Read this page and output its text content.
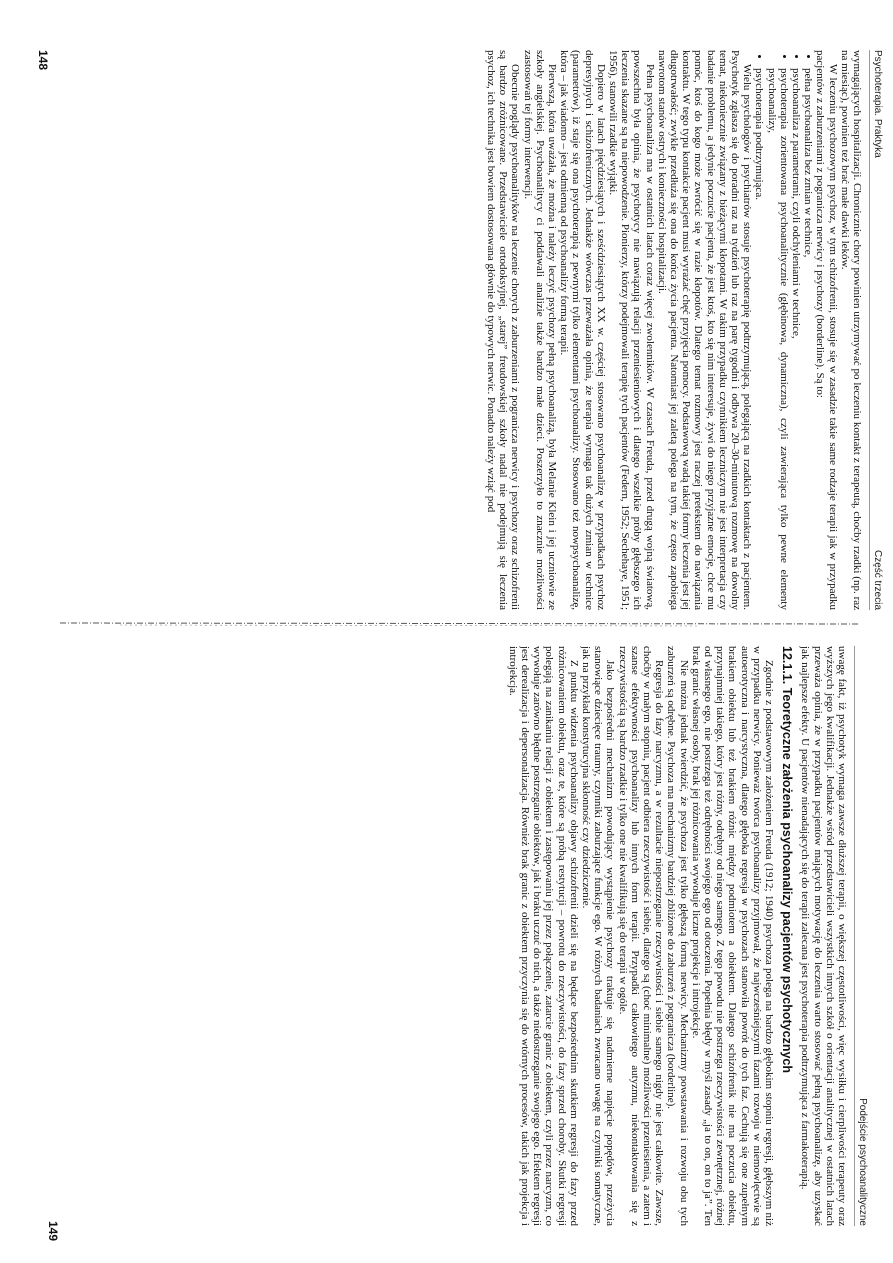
Psychoterapia. Praktyka
Część trzecia

wymagających hospitalizacji. Chronicznie chory powinien utrzymywać po leczeniu kontakt z terapeutą, choćby rzadki (np. raz na miesiąc), powinien też brać małe dawki leków.

W leczeniu psychozowym psychoz, w tym schizofrenii, stosuje się w zasadzie takie same rodzaje terapii jak w przypadku pacjentów z zaburzeniami z pogranicza nerwicy i psychozy (borderline). Są to:

• pełna psychoanaliza bez zmian w technice,
• psychoanaliza z parametrami, czyli odchyleniami w technice,
• psychoterapia zorientowana psychoanalitycznie (głębinowa, dynamiczna), czyli zawierająca tylko pewne elementy psychoanalizy,
• psychoterapia podtrzymująca.

Wielu psychologów i psychiatrów stosuje psychoterapię podtrzymującą, polegającą na rzadkich kontaktach z pacjentem. Psychotyk zgłasza się do poradni raz na tydzień lub raz na parę tygodni i odbywa 20–30-minutową rozmowę na dowolny temat, niekoniecznie związany z bieżącymi kłopotami. W takim przypadku czynnikiem leczniczym nie jest interpretacja czy badanie problemu, a jedynie poczucie pacjenta, że jest ktoś, kto się nim interesuje, żywi do niego przyjazne emocje, chce mu pomóc, ktoś do kogo może zwrócić się w razie kłopotów. Dlatego temat rozmowy jest raczej pretekstem do nawiązania kontaktu. W tego typu kontakcie pacjent musi wyrażać chęć przyjęcia pomocy. Podstawową wadą takiej formy leczenia jest jej długotrwałość; zwykle przedłuża się ona do końca życia pacjenta. Natomiast jej zaletą polega na tym, że często zapobiega nawrotom stanów ostrych i konieczności hospitalizacji.

Pełna psychoanaliza ma w ostatnich latach coraz więcej zwolenników. W czasach Freuda, przed drugą wojną światową, powszechna była opinia, że psychotycy nie nawiązują relacji przeniesieniowych i dlatego wszelkie próby głębszego ich leczenia skazane są na niepowodzenie. Pionierzy, którzy podejmowali terapię tych pacjentów (Federn, 1952; Sechehaye, 1951; 1956), stanowili rzadkie wyjątki.

Dopiero w latach pięćdziesiątych i sześćdziesiątych XX w. częściej stosowano psychoanalizę w przypadkach psychoz depresyjnych i schizofrenicznych. Jednakże wówczas przeważała opinia, że terapia wymaga tak dużych zmian w technice (parametrów), iż staje się ona psychoterapią z pewnymi tylko elementami psychoanalizy. Stosowano też nowpsychoanalizę, która – jak wiadomo – jest odmienną od psychoanalizy formą terapii.

Pierwszą, która uważała, że można i należy leczyć psychozy pełną psychoanalizą, była Melanie Klein i jej uczniowie ze szkoły angielskiej. Psychoanalitycy ci poddawali analizie także bardzo małe dzieci. Poszerzyło to znacznie możliwości zastosowań tej formy interwencji.

Obecnie poglądy psychoanalityków na leczenie chorych z zaburzeniami z pogranicza nerwicy i psychozy oraz schizofrenii są bardzo zróżnicowane. Przedstawiciele ortodoksyjnej, „starej” freudowskiej szkoły nadal nie podejmują się leczenia psychoz, ich technika jest bowiem dostosowana głównie do typowych nerwic. Ponadto należy wziąć pod

148
Podejście psychoanalityczne

uwagę fakt, iż psychotyk wymaga zawsze dłuższej terapii, o większej częstotliwości, więc wysiłku i cierpliwości terapeuty oraz wyższych jego kwalifikacji. Jednakże wśród przedstawicieli wszystkich innych szkół o orientacji analitycznej w ostatnich latach przeważa opinia, że w przypadku pacjentów mających motywację do leczenia warto stosować pełną psychoanalizę, aby uzyskać jak najlepsze efekty. U pacjentów nienadających się do terapii zalecana jest psychoterapia podtrzymująca z farmakoterapią.

12.1.1. Teoretyczne założenia psychoanalizy pacjentów psychotycznych

Zgodnie z podstawowym założeniem Freuda (1912; 1940) psychoza polega na bardzo głębokim stopniu regresji, głębszym niż w przypadku nerwicy. Ponieważ twórca psychoanalizy przyjmował, że najwcześniejszymi fazami rozwoju w niemowlęctwie są autoerotyczna i narcystyczna, dlatego głęboka regresja w psychozach stanowiła powrót do tych faz. Cechują się one zupełnym brakiem obiektu lub też brakiem różnic między podmiotem a obiektem. Dlatego schizofrenik nie ma poczucia obiektu, przynajmniej takiego, który jest różny, odrębny od niego samego. Z tego powodu nie postrzega rzeczywistości zewnętrznej, różnej od własnego ego, nie postrzega też odrębności swojego ego od otoczenia. Popełnia błędy w myśl zasady „ja to on, on to ja”. Ten brak granic własnej osoby, brak jej różnicowania wywołuje liczne projekcje i introjekcje.

Nie można jednak twierdzić, że psychoza jest tylko głębszą formą nerwicy. Mechanizmy powstawania i rozwoju obu tych zaburzeń są odrębne. Psychoza ma mechanizmy bardziej zbliżone do zaburzeń z pogranicza (borderline).

Regresja do fazy narcyzmu, a w rezultacie niepostrzeganie rzeczywistości i siebie samego nigdy nie jest całkowite. Zawsze, choćby w małym stopniu, pacjent odbiera rzeczywistość i siebie, dlatego są (choć minimalne) możliwości przeniesienia, a zatem i szanse efektywności psychoanalizy lub innych form terapii. Przypadki całkowitego autyzmu, niekontaktowania się z rzeczywistością są bardzo rzadkie i tylko one nie kwalifikują się do terapii w ogóle.

Jako bezpośredni mechanizm powodujący wystąpienie psychozy traktuje się nadmierne napięcie popędów, przeżycia stanowiące dziecięce traumy, czynniki zaburzające funkcje ego. W różnych badaniach zwracano uwagę na czynniki somatyczne, jak na przykład konstytucyjna skłonność czy dziedziczenie.

Z punktu widzenia psychoanalizy objawy schizofrenii dzieli się na będące bezpośrednim skutkiem regresji do fazy przed różnicowaniem obiektu, oraz te, które są próbą restytucji – powrotu do rzeczywistości, do fazy sprzed choroby. Skutki regresji polegają na zanikaniu relacji z obiektem i zastępowaniu jej przez połączenie, zatarcie granic z obiektem, czyli przez narcyzm, co wywołuje zarówno błędne postrzeganie obiektów, jak i braku uczuć do nich, a także niedostrzeganie swojego ego. Efektem regresji jest derealizacja i depersonalizacja. Również brak granic z obiektem przyczynia się do wtórnych procesów, takich jak projekcja i introjekcja.

149
